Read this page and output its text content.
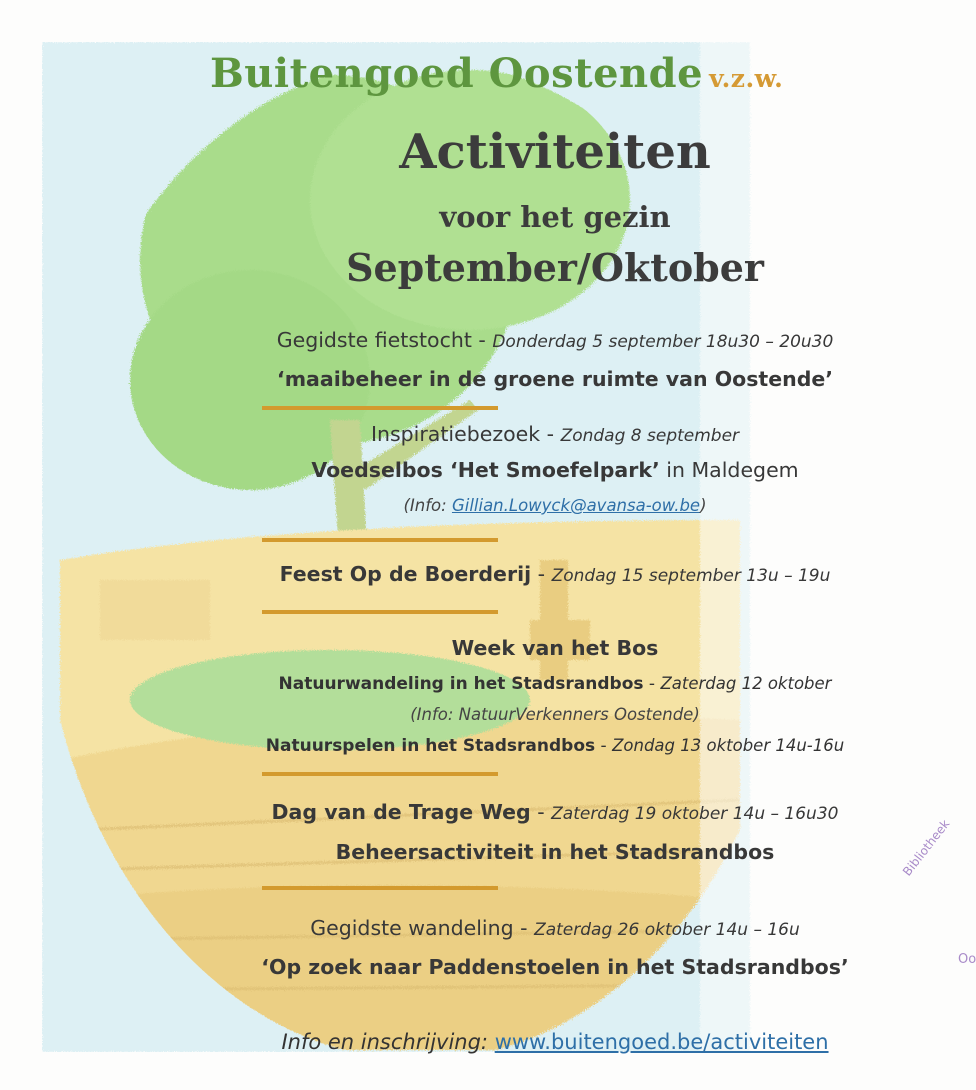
Buitengoed Oostende v.z.w.
Activiteiten
voor het gezin
September/Oktober
Gegidste fietstocht - Donderdag 5 september 18u30 – 20u30
‘maaibeheer in de groene ruimte van Oostende’
Inspiratiebezoek - Zondag 8 september
Voedselbos ‘Het Smoefelpark’ in Maldegem
(Info: Gillian.Lowyck@avansa-ow.be)
Feest Op de Boerderij - Zondag 15 september 13u – 19u
Week van het Bos
Natuurwandeling in het Stadsrandbos - Zaterdag 12 oktober
(Info: NatuurVerkenners Oostende)
Natuurspelen in het Stadsrandbos - Zondag 13 oktober 14u-16u
Dag van de Trage Weg - Zaterdag 19 oktober 14u – 16u30
Beheersactiviteit in het Stadsrandbos
Gegidste wandeling - Zaterdag 26 oktober 14u – 16u
‘Op zoek naar Paddenstoelen in het Stadsrandbos’
Info en inschrijving: www.buitengoed.be/activiteiten
Bibliotheek
Oo
